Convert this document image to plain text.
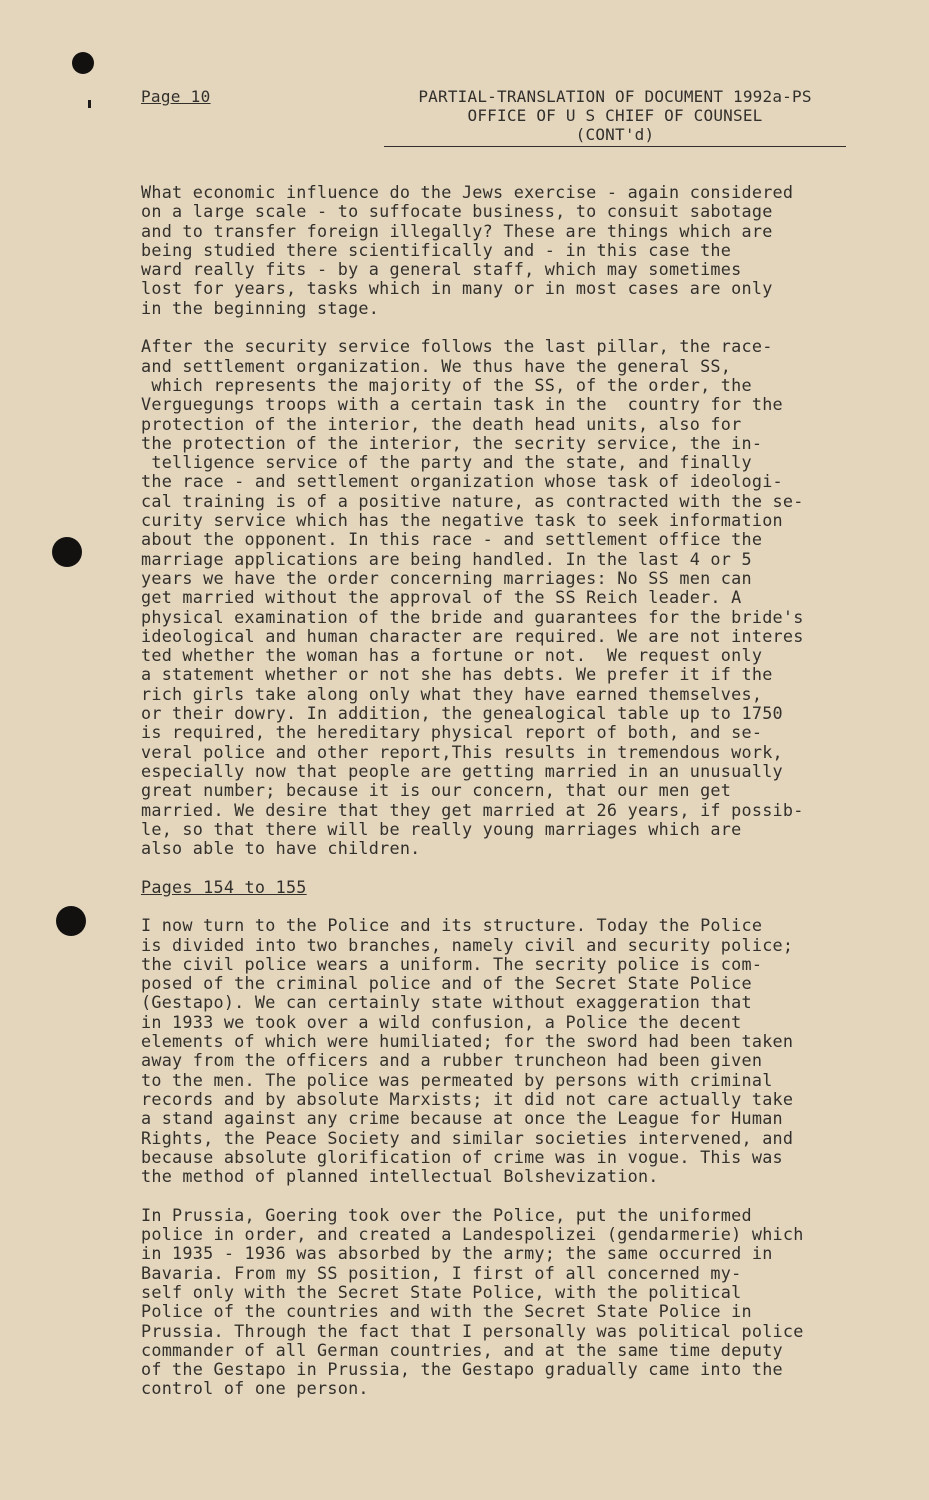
Page 10	PARTIAL-TRANSLATION OF DOCUMENT 1992a-PS
OFFICE OF U S CHIEF OF COUNSEL
(CONT'd)
What economic influence do the Jews exercise - again considered
on a large scale - to suffocate business, to consuit sabotage
and to transfer foreign illegally? These are things which are
being studied there scientifically and - in this case the
ward really fits - by a general staff, which may sometimes
lost for years, tasks which in many or in most cases are only
in the beginning stage.
After the security service follows the last pillar, the race-
and settlement organization. We thus have the general SS,
which represents the majority of the SS, of the order, the
Verguegungs troops with a certain task in the  country for the
protection of the interior, the death head units, also for
the protection of the interior, the secrity service, the in-
telligence service of the party and the state, and finally
the race - and settlement organization whose task of ideologi-
cal training is of a positive nature, as contracted with the se-
curity service which has the negative task to seek information
about the opponent. In this race - and settlement office the
marriage applications are being handled. In the last 4 or 5
years we have the order concerning marriages: No SS men can
get married without the approval of the SS Reich leader. A
physical examination of the bride and guarantees for the bride's
ideological and human character are required. We are not interes
ted whether the woman has a fortune or not.  We request only
a statement whether or not she has debts. We prefer it if the
rich girls take along only what they have earned themselves,
or their dowry. In addition, the genealogical table up to 1750
is required, the hereditary physical report of both, and se-
veral police and other report,This results in tremendous work,
especially now that people are getting married in an unusually
great number; because it is our concern, that our men get
married. We desire that they get married at 26 years, if possib-
le, so that there will be really young marriages which are
also able to have children.
Pages 154 to 155
I now turn to the Police and its structure. Today the Police
is divided into two branches, namely civil and security police;
the civil police wears a uniform. The secrity police is com-
posed of the criminal police and of the Secret State Police
(Gestapo). We can certainly state without exaggeration that
in 1933 we took over a wild confusion, a Police the decent
elements of which were humiliated; for the sword had been taken
away from the officers and a rubber truncheon had been given
to the men. The police was permeated by persons with criminal
records and by absolute Marxists; it did not care actually take
a stand against any crime because at once the League for Human
Rights, the Peace Society and similar societies intervened, and
because absolute glorification of crime was in vogue. This was
the method of planned intellectual Bolshevization.
In Prussia, Goering took over the Police, put the uniformed
police in order, and created a Landespolizei (gendarmerie) which
in 1935 - 1936 was absorbed by the army; the same occurred in
Bavaria. From my SS position, I first of all concerned my-
self only with the Secret State Police, with the political
Police of the countries and with the Secret State Police in
Prussia. Through the fact that I personally was political police
commander of all German countries, and at the same time deputy
of the Gestapo in Prussia, the Gestapo gradually came into the
control of one person.
